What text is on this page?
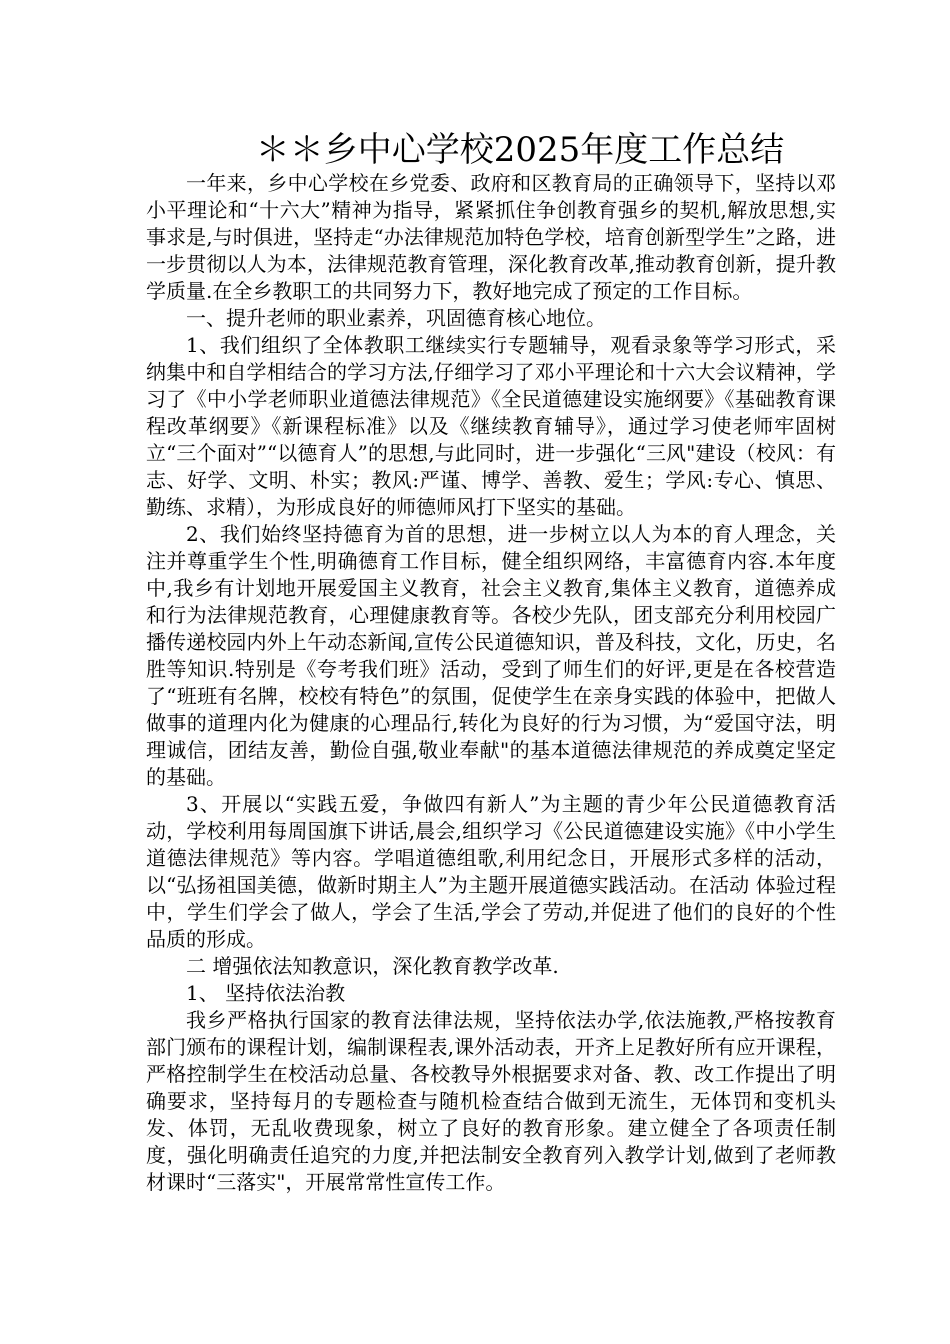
＊＊乡中心学校2025年度工作总结

一年来，乡中心学校在乡党委、政府和区教育局的正确领导下，坚持以邓小平理论和“十六大”精神为指导，紧紧抓住争创教育强乡的契机,解放思想,实事求是,与时俱进，坚持走“办法律规范加特色学校，培育创新型学生”之路，进一步贯彻以人为本，法律规范教育管理，深化教育改革,推动教育创新，提升教学质量.在全乡教职工的共同努力下，教好地完成了预定的工作目标。

一、提升老师的职业素养，巩固德育核心地位。

1、我们组织了全体教职工继续实行专题辅导，观看录象等学习形式，采纳集中和自学相结合的学习方法,仔细学习了邓小平理论和十六大会议精神，学习了《中小学老师职业道德法律规范》《全民道德建设实施纲要》《基础教育课程改革纲要》《新课程标准》以及《继续教育辅导》，通过学习使老师牢固树立“三个面对”“以德育人”的思想,与此同时，进一步强化“三风"建设（校风：有志、好学、文明、朴实；教风:严谨、博学、善教、爱生；学风:专心、慎思、勤练、求精），为形成良好的师德师风打下坚实的基础。

2、我们始终坚持德育为首的思想，进一步树立以人为本的育人理念，关注并尊重学生个性,明确德育工作目标，健全组织网络，丰富德育内容.本年度中,我乡有计划地开展爱国主义教育，社会主义教育,集体主义教育，道德养成和行为法律规范教育，心理健康教育等。各校少先队，团支部充分利用校园广播传递校园内外上午动态新闻,宣传公民道德知识，普及科技，文化，历史，名胜等知识.特别是《夸考我们班》活动，受到了师生们的好评,更是在各校营造了“班班有名牌，校校有特色”的氛围，促使学生在亲身实践的体验中，把做人做事的道理内化为健康的心理品行,转化为良好的行为习惯，为“爱国守法，明理诚信，团结友善，勤俭自强,敬业奉献"的基本道德法律规范的养成奠定坚定的基础。

3、开展以“实践五爱，争做四有新人”为主题的青少年公民道德教育活动，学校利用每周国旗下讲话,晨会,组织学习《公民道德建设实施》《中小学生道德法律规范》等内容。学唱道德组歌,利用纪念日，开展形式多样的活动，以“弘扬祖国美德，做新时期主人”为主题开展道德实践活动。在活动 体验过程中，学生们学会了做人，学会了生活,学会了劳动,并促进了他们的良好的个性品质的形成。

二 增强依法知教意识，深化教育教学改革.

1、 坚持依法治教

我乡严格执行国家的教育法律法规，坚持依法办学,依法施教,严格按教育部门颁布的课程计划，编制课程表,课外活动表，开齐上足教好所有应开课程，严格控制学生在校活动总量、各校教导外根据要求对备、教、改工作提出了明确要求，坚持每月的专题检查与随机检查结合做到无流生，无体罚和变机头发、体罚，无乱收费现象，树立了良好的教育形象。建立健全了各项责任制度，强化明确责任追究的力度,并把法制安全教育列入教学计划,做到了老师教材课时“三落实"，开展常常性宣传工作。
